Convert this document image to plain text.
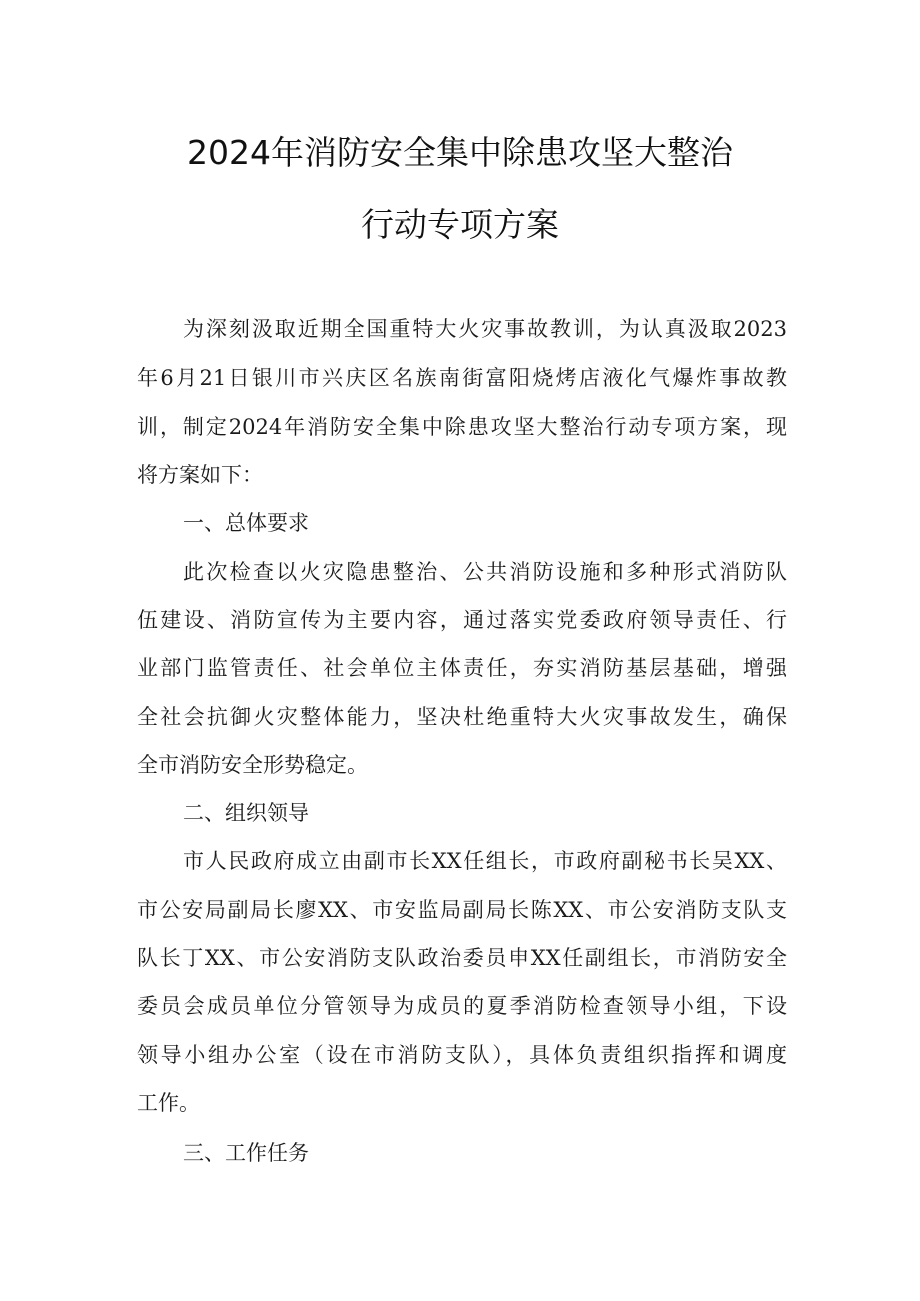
2024年消防安全集中除患攻坚大整治
行动专项方案
为深刻汲取近期全国重特大火灾事故教训，为认真汲取2023
年6月21日银川市兴庆区名族南街富阳烧烤店液化气爆炸事故教
训，制定2024年消防安全集中除患攻坚大整治行动专项方案，现
将方案如下：
一、总体要求
此次检查以火灾隐患整治、公共消防设施和多种形式消防队
伍建设、消防宣传为主要内容，通过落实党委政府领导责任、行
业部门监管责任、社会单位主体责任，夯实消防基层基础，增强
全社会抗御火灾整体能力，坚决杜绝重特大火灾事故发生，确保
全市消防安全形势稳定。
二、组织领导
市人民政府成立由副市长XX任组长，市政府副秘书长吴XX、
市公安局副局长廖XX、市安监局副局长陈XX、市公安消防支队支
队长丁XX、市公安消防支队政治委员申XX任副组长，市消防安全
委员会成员单位分管领导为成员的夏季消防检查领导小组，下设
领导小组办公室（设在市消防支队），具体负责组织指挥和调度
工作。
三、工作任务
